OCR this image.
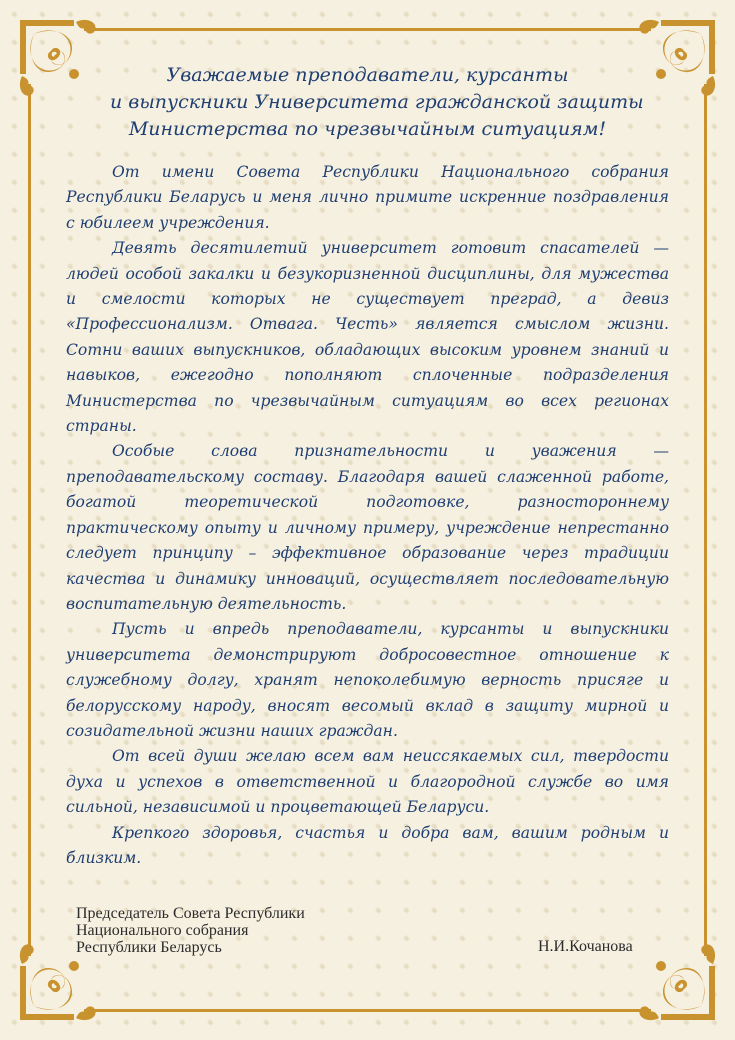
Уважаемые преподаватели, курсанты
и выпускники Университета гражданской защиты
Министерства по чрезвычайным ситуациям!

От имени Совета Республики Национального собрания Республики Беларусь и меня лично примите искренние поздравления с юбилеем учреждения.

Девять десятилетий университет готовит спасателей — людей особой закалки и безукоризненной дисциплины, для мужества и смелости которых не существует преград, а девиз «Профессионализм. Отвага. Честь» является смыслом жизни. Сотни ваших выпускников, обладающих высоким уровнем знаний и навыков, ежегодно пополняют сплоченные подразделения Министерства по чрезвычайным ситуациям во всех регионах страны.

Особые слова признательности и уважения — преподавательскому составу. Благодаря вашей слаженной работе, богатой теоретической подготовке, разностороннему практическому опыту и личному примеру, учреждение непрестанно следует принципу – эффективное образование через традиции качества и динамику инноваций, осуществляет последовательную воспитательную деятельность.

Пусть и впредь преподаватели, курсанты и выпускники университета демонстрируют добросовестное отношение к служебному долгу, хранят непоколебимую верность присяге и белорусскому народу, вносят весомый вклад в защиту мирной и созидательной жизни наших граждан.

От всей души желаю всем вам неиссякаемых сил, твердости духа и успехов в ответственной и благородной службе во имя сильной, независимой и процветающей Беларуси.

Крепкого здоровья, счастья и добра вам, вашим родным и близким.

Председатель Совета Республики
Национального собрания
Республики Беларусь	Н.И.Кочанова
